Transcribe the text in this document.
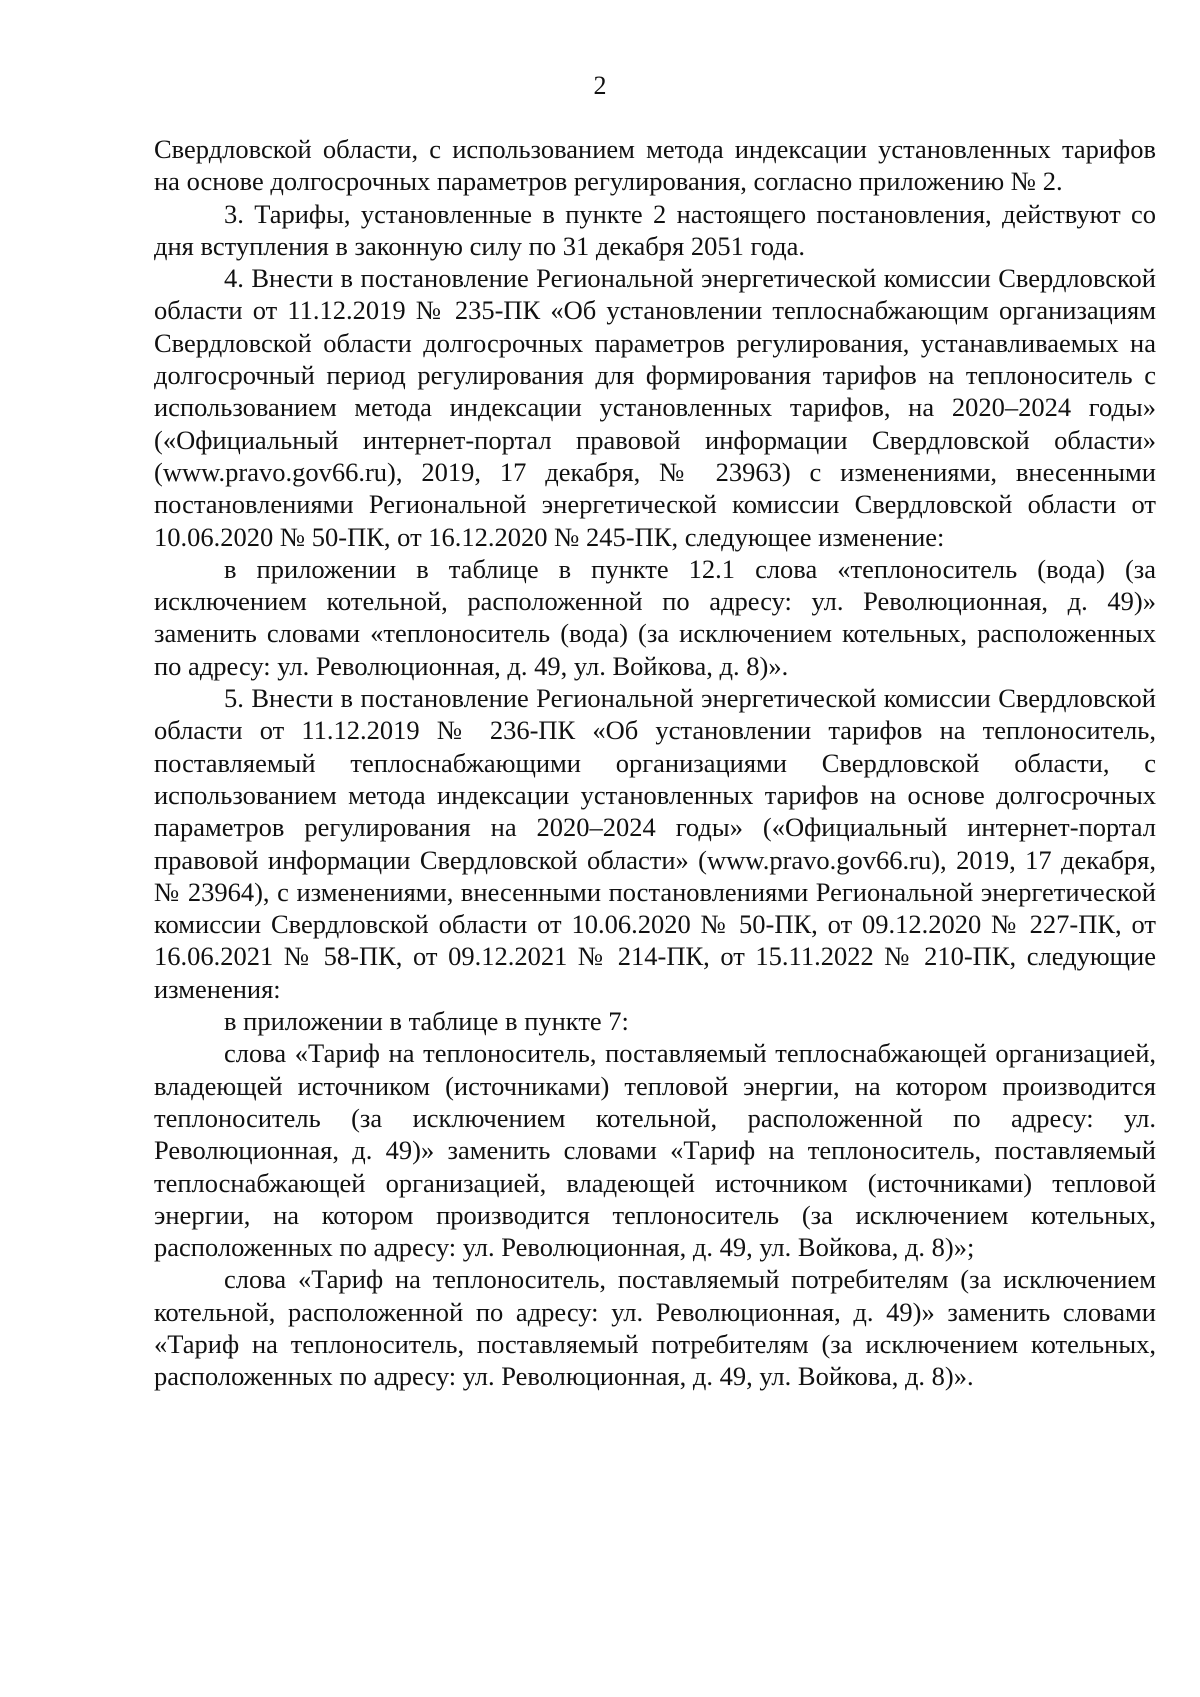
2

Свердловской области, с использованием метода индексации установленных тарифов на основе долгосрочных параметров регулирования, согласно приложению № 2.

3. Тарифы, установленные в пункте 2 настоящего постановления, действуют со дня вступления в законную силу по 31 декабря 2051 года.

4. Внести в постановление Региональной энергетической комиссии Свердловской области от 11.12.2019 № 235-ПК «Об установлении теплоснабжающим организациям Свердловской области долгосрочных параметров регулирования, устанавливаемых на долгосрочный период регулирования для формирования тарифов на теплоноситель с использованием метода индексации установленных тарифов, на 2020–2024 годы» («Официальный интернет-портал правовой информации Свердловской области» (www.pravo.gov66.ru), 2019, 17 декабря, № 23963) с изменениями, внесенными постановлениями Региональной энергетической комиссии Свердловской области от 10.06.2020 № 50-ПК, от 16.12.2020 № 245-ПК, следующее изменение:

в приложении в таблице в пункте 12.1 слова «теплоноситель (вода) (за исключением котельной, расположенной по адресу: ул. Революционная, д. 49)» заменить словами «теплоноситель (вода) (за исключением котельных, расположенных по адресу: ул. Революционная, д. 49, ул. Войкова, д. 8)».

5. Внести в постановление Региональной энергетической комиссии Свердловской области от 11.12.2019 № 236-ПК «Об установлении тарифов на теплоноситель, поставляемый теплоснабжающими организациями Свердловской области, с использованием метода индексации установленных тарифов на основе долгосрочных параметров регулирования на 2020–2024 годы» («Официальный интернет-портал правовой информации Свердловской области» (www.pravo.gov66.ru), 2019, 17 декабря, № 23964), с изменениями, внесенными постановлениями Региональной энергетической комиссии Свердловской области от 10.06.2020 № 50-ПК, от 09.12.2020 № 227-ПК, от 16.06.2021 № 58-ПК, от 09.12.2021 № 214-ПК, от 15.11.2022 № 210-ПК, следующие изменения:

в приложении в таблице в пункте 7:

слова «Тариф на теплоноситель, поставляемый теплоснабжающей организацией, владеющей источником (источниками) тепловой энергии, на котором производится теплоноситель (за исключением котельной, расположенной по адресу: ул. Революционная, д. 49)» заменить словами «Тариф на теплоноситель, поставляемый теплоснабжающей организацией, владеющей источником (источниками) тепловой энергии, на котором производится теплоноситель (за исключением котельных, расположенных по адресу: ул. Революционная, д. 49, ул. Войкова, д. 8)»;

слова «Тариф на теплоноситель, поставляемый потребителям (за исключением котельной, расположенной по адресу: ул. Революционная, д. 49)» заменить словами «Тариф на теплоноситель, поставляемый потребителям (за исключением котельных, расположенных по адресу: ул. Революционная, д. 49, ул. Войкова, д. 8)».
